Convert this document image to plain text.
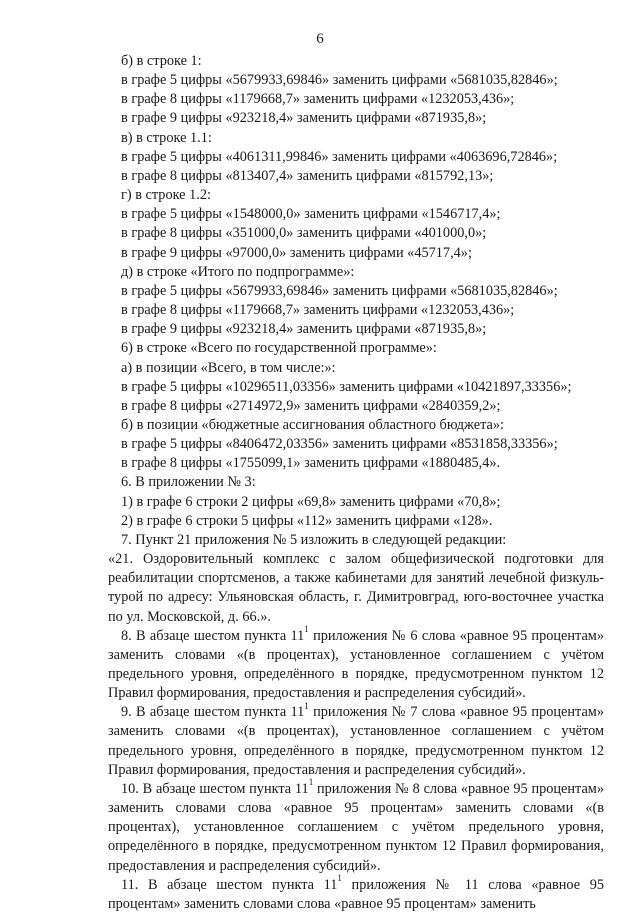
6
б) в строке 1:
в графе 5 цифры «5679933,69846» заменить цифрами «5681035,82846»;
в графе 8 цифры «1179668,7» заменить цифрами «1232053,436»;
в графе 9 цифры «923218,4» заменить цифрами «871935,8»;
в) в строке 1.1:
в графе 5 цифры «4061311,99846» заменить цифрами «4063696,72846»;
в графе 8 цифры «813407,4» заменить цифрами «815792,13»;
г) в строке 1.2:
в графе 5 цифры «1548000,0» заменить цифрами «1546717,4»;
в графе 8 цифры «351000,0» заменить цифрами «401000,0»;
в графе 9 цифры «97000,0» заменить цифрами «45717,4»;
д) в строке «Итого по подпрограмме»:
в графе 5 цифры «5679933,69846» заменить цифрами «5681035,82846»;
в графе 8 цифры «1179668,7» заменить цифрами «1232053,436»;
в графе 9 цифры «923218,4» заменить цифрами «871935,8»;
6) в строке «Всего по государственной программе»:
а) в позиции «Всего, в том числе:»:
в графе 5 цифры «10296511,03356» заменить цифрами «10421897,33356»;
в графе 8 цифры «2714972,9» заменить цифрами «2840359,2»;
б) в позиции «бюджетные ассигнования областного бюджета»:
в графе 5 цифры «8406472,03356» заменить цифрами «8531858,33356»;
в графе 8 цифры «1755099,1» заменить цифрами «1880485,4».
6. В приложении № 3:
1) в графе 6 строки 2 цифры «69,8» заменить цифрами «70,8»;
2) в графе 6 строки 5 цифры «112» заменить цифрами «128».
7. Пункт 21 приложения № 5 изложить в следующей редакции:

«21. Оздоровительный комплекс с залом общефизической подготовки для реабилитации спортсменов, а также кабинетами для занятий лечебной физкуль-турой по адресу: Ульяновская область, г. Димитровград, юго-восточнее участка по ул. Московской, д. 66.».

8. В абзаце шестом пункта $11^1$ приложения № 6 слова «равное 95 процентам» заменить словами «(в процентах), установленное соглашением с учётом предельного уровня, определённого в порядке, предусмотренном пунктом 12 Правил формирования, предоставления и распределения субсидий».

9. В абзаце шестом пункта $11^1$ приложения № 7 слова «равное 95 процентам» заменить словами «(в процентах), установленное соглашением с учётом предельного уровня, определённого в порядке, предусмотренном пунктом 12 Правил формирования, предоставления и распределения субсидий».

10. В абзаце шестом пункта $11^1$ приложения № 8 слова «равное 95 процентам» заменить словами слова «равное 95 процентам» заменить словами «(в процентах), установленное соглашением с учётом предельного уровня, определённого в порядке, предусмотренном пунктом 12 Правил формирования, предоставления и распределения субсидий».

11. В абзаце шестом пункта $11^1$ приложения № 11 слова «равное 95 процентам» заменить словами слова «равное 95 процентам» заменить
